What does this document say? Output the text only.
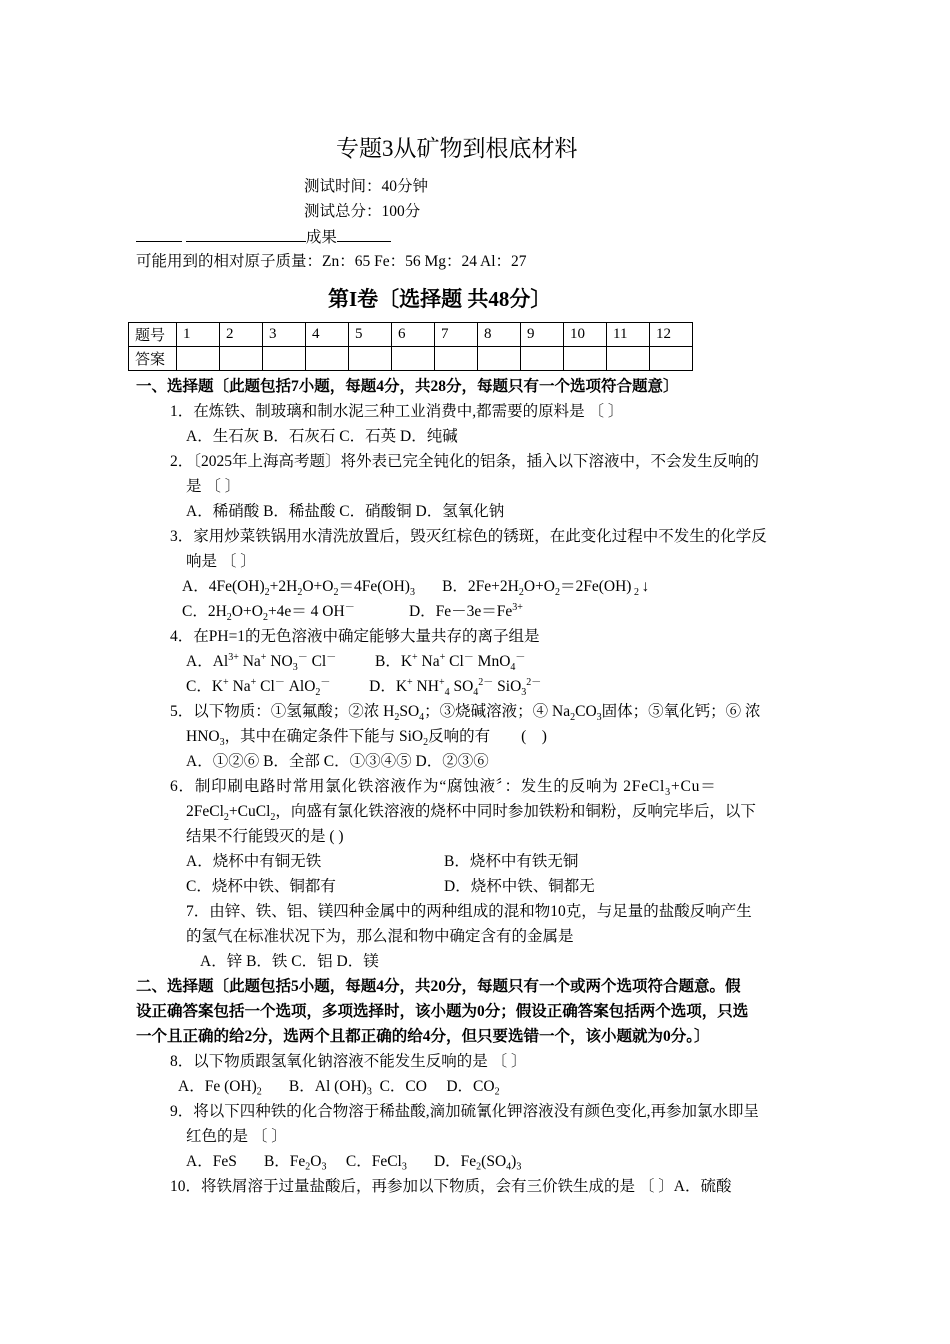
专题3从矿物到根底材料
测试时间：40分钟
测试总分：100分
成果
可能用到的相对原子质量：Zn：65 Fe：56 Mg：24 Al：27
第I卷〔选择题 共48分〕
题号	1	2	3	4	5	6	7	8	9	10	11	12
答案												
一、选择题〔此题包括7小题，每题4分，共28分，每题只有一个选项符合题意〕
1．在炼铁、制玻璃和制水泥三种工业消费中,都需要的原料是 〔 〕
A．生石灰 B．石灰石 C．石英 D．纯碱
2．〔2025年上海高考题〕将外表已完全钝化的铝条，插入以下溶液中，不会发生反响的
是 〔 〕
A．稀硝酸 B．稀盐酸 C．硝酸铜 D．氢氧化钠
3．家用炒菜铁锅用水清洗放置后，毁灭红棕色的锈斑，在此变化过程中不发生的化学反
响是 〔 〕
A．$4Fe(OH)_2+2H_2O+O_2=4Fe(OH)_3$       B．$2Fe+2H_2O+O_2=2Fe(OH)$ $_2$ ↓
C．$2H_2O+O_2+4e= 4$ OH－              D．$Fe-3e=Fe^{3+}$
4．在PH=1的无色溶液中确定能够大量共存的离子组是
A．$Al^{3+}$ Na+ $NO_3^-$ Cl－          B．K+ Na+ Cl－ MnO$_4$－
C．K+ Na+ Cl－ AlO$_2$－          D．K+ $NH^+_4$ $SO_4^{2-}$ SiO$_3^{2-}$
5．以下物质：①氢氟酸；②浓 $H_2SO_4$；③烧碱溶液；④ $Na_2CO_3$固体；⑤氧化钙；⑥ 浓
$HNO_3$，其中在确定条件下能与 SiO$_2$反响的有        (    )
A．①②⑥ B．全部 C．①③④⑤ D．②③⑥
6．制印刷电路时常用氯化铁溶液作为“腐蚀液〞：发生的反响为 2FeCl$_3$+Cu＝
2FeCl$_2$+CuCl$_2$，向盛有氯化铁溶液的烧杯中同时参加铁粉和铜粉，反响完毕后，以下
结果不行能毁灭的是 ( )
A．烧杯中有铜无铁	B．烧杯中有铁无铜
C．烧杯中铁、铜都有	D．烧杯中铁、铜都无
7．由锌、铁、铝、镁四种金属中的两种组成的混和物10克，与足量的盐酸反响产生
的氢气在标准状况下为，那么混和物中确定含有的金属是
A．锌 B．铁 C．铝 D．镁
二、选择题〔此题包括5小题，每题4分，共20分，每题只有一个或两个选项符合题意。假
设正确答案包括一个选项，多项选择时，该小题为0分；假设正确答案包括两个选项，只选
一个且正确的给2分，选两个且都正确的给4分，但只要选错一个，该小题就为0分。〕
8．以下物质跟氢氧化钠溶液不能发生反响的是 〔 〕
A．Fe $(OH)_2$       B．Al $(OH)_3$  C．CO     D．$CO_2$
9．将以下四种铁的化合物溶于稀盐酸,滴加硫氰化钾溶液没有颜色变化,再参加氯水即呈
红色的是 〔 〕
A．FeS       B．$Fe_2O_3$     C．FeCl$_3$       D．$Fe_2(SO_4)_3$
10．将铁屑溶于过量盐酸后，再参加以下物质，会有三价铁生成的是 〔 〕A．硫酸
